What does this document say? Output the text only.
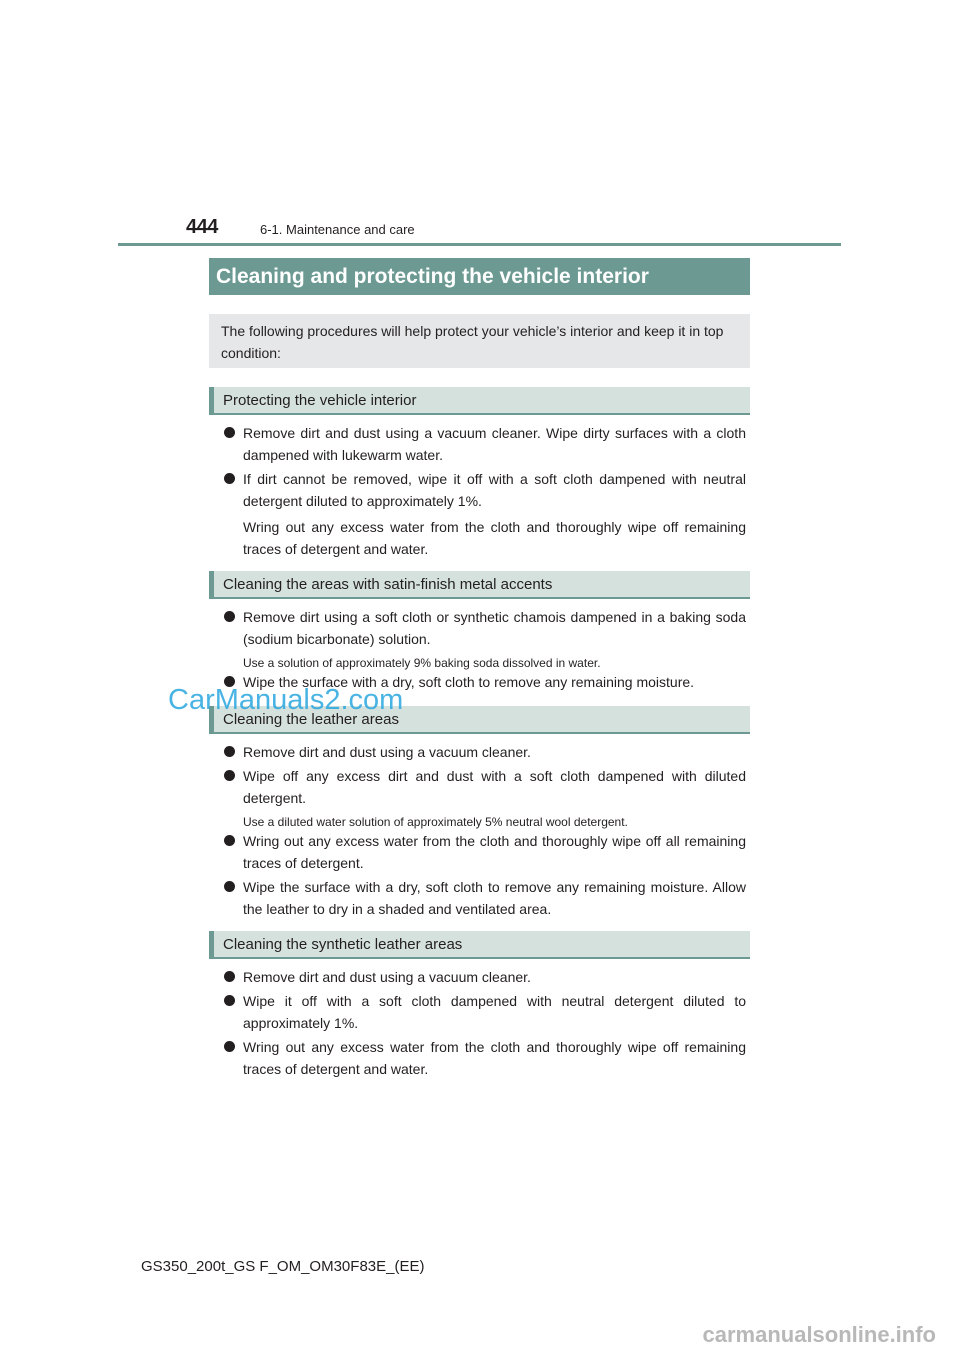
444	6-1. Maintenance and care
Cleaning and protecting the vehicle interior
The following procedures will help protect your vehicle’s interior and keep it in top condition:
Protecting the vehicle interior
Remove dirt and dust using a vacuum cleaner. Wipe dirty surfaces with a cloth dampened with lukewarm water.
If dirt cannot be removed, wipe it off with a soft cloth dampened with neutral detergent diluted to approximately 1%.
Wring out any excess water from the cloth and thoroughly wipe off remaining traces of detergent and water.
Cleaning the areas with satin-finish metal accents
Remove dirt using a soft cloth or synthetic chamois dampened in a baking soda (sodium bicarbonate) solution.
Use a solution of approximately 9% baking soda dissolved in water.
Wipe the surface with a dry, soft cloth to remove any remaining moisture.
Cleaning the leather areas
Remove dirt and dust using a vacuum cleaner.
Wipe off any excess dirt and dust with a soft cloth dampened with diluted detergent.
Use a diluted water solution of approximately 5% neutral wool detergent.
Wring out any excess water from the cloth and thoroughly wipe off all remaining traces of detergent.
Wipe the surface with a dry, soft cloth to remove any remaining moisture. Allow the leather to dry in a shaded and ventilated area.
Cleaning the synthetic leather areas
Remove dirt and dust using a vacuum cleaner.
Wipe it off with a soft cloth dampened with neutral detergent diluted to approximately 1%.
Wring out any excess water from the cloth and thoroughly wipe off remaining traces of detergent and water.
CarManuals2.com
GS350_200t_GS F_OM_OM30F83E_(EE)
carmanualsonline.info
